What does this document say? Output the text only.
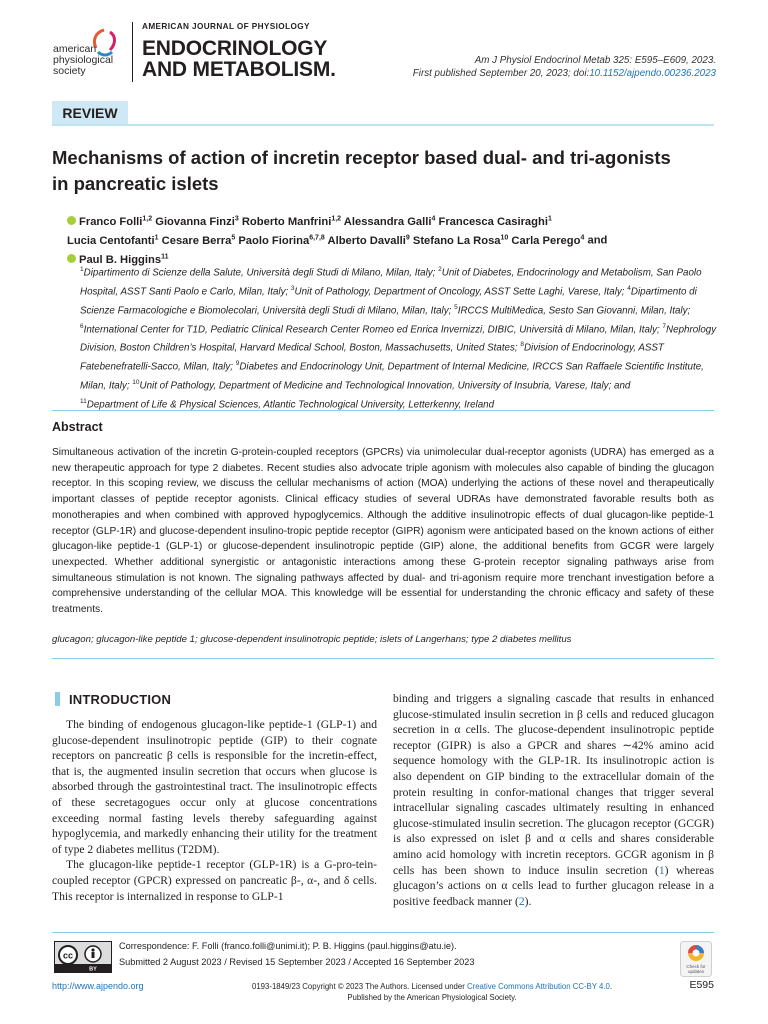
american
physiological
society
AMERICAN JOURNAL OF PHYSIOLOGY
ENDOCRINOLOGY
AND METABOLISM.	Am J Physiol Endocrinol Metab 325: E595–E609, 2023.
First published September 20, 2023; doi:10.1152/ajpendo.00236.2023
REVIEW
Mechanisms of action of incretin receptor based dual- and tri-agonists in pancreatic islets
Franco Folli$^{1,2}$ Giovanna Finzi$^3$ Roberto Manfrini$^{1,2}$ Alessandra Galli$^4$ Francesca Casiraghi$^1$
Lucia Centofanti$^1$ Cesare Berra$^5$ Paolo Fiorina$^{6,7,8}$ Alberto Davalli$^9$ Stefano La Rosa$^{10}$ Carla Perego$^4$ and
Paul B. Higgins$^{11}$
$^1$Dipartimento di Scienze della Salute, Università degli Studi di Milano, Milan, Italy; $^2$Unit of Diabetes, Endocrinology and Metabolism, San Paolo Hospital, ASST Santi Paolo e Carlo, Milan, Italy; $^3$Unit of Pathology, Department of Oncology, ASST Sette Laghi, Varese, Italy; $^4$Dipartimento di Scienze Farmacologiche e Biomolecolari, Università degli Studi di Milano, Milan, Italy; $^5$IRCCS MultiMedica, Sesto San Giovanni, Milan, Italy; $^6$International Center for T1D, Pediatric Clinical Research Center Romeo ed Enrica Invernizzi, DIBIC, Università di Milano, Milan, Italy; $^7$Nephrology Division, Boston Children’s Hospital, Harvard Medical School, Boston, Massachusetts, United States; $^8$Division of Endocrinology, ASST Fatebenefratelli-Sacco, Milan, Italy; $^9$Diabetes and Endocrinology Unit, Department of Internal Medicine, IRCCS San Raffaele Scientific Institute, Milan, Italy; $^{10}$Unit of Pathology, Department of Medicine and Technological Innovation, University of Insubria, Varese, Italy; and
$^{11}$Department of Life & Physical Sciences, Atlantic Technological University, Letterkenny, Ireland
Abstract
Simultaneous activation of the incretin G-protein-coupled receptors (GPCRs) via unimolecular dual-receptor agonists (UDRA) has emerged as a new therapeutic approach for type 2 diabetes. Recent studies also advocate triple agonism with molecules also capable of binding the glucagon receptor. In this scoping review, we discuss the cellular mechanisms of action (MOA) underlying the actions of these novel and therapeutically important classes of peptide receptor agonists. Clinical efficacy studies of several UDRAs have demonstrated favorable results both as monotherapies and when combined with approved hypoglycemics. Although the additive insulinotropic effects of dual glucagon-like peptide-1 receptor (GLP-1R) and glucose-dependent insulino-tropic peptide receptor (GIPR) agonism were anticipated based on the known actions of either glucagon-like peptide-1 (GLP-1) or glucose-dependent insulinotropic peptide (GIP) alone, the additional benefits from GCGR were largely unexpected. Whether additional synergistic or antagonistic interactions among these G-protein receptor signaling pathways arise from simultaneous stimulation is not known. The signaling pathways affected by dual- and tri-agonism require more trenchant investigation before a comprehensive understanding of the cellular MOA. This knowledge will be essential for understanding the chronic efficacy and safety of these treatments.
glucagon; glucagon-like peptide 1; glucose-dependent insulinotropic peptide; islets of Langerhans; type 2 diabetes mellitus
INTRODUCTION

The binding of endogenous glucagon-like peptide-1 (GLP-1) and glucose-dependent insulinotropic peptide (GIP) to their cognate receptors on pancreatic β cells is responsible for the incretin-effect, that is, the augmented insulin secretion that occurs when glucose is absorbed through the gastrointestinal tract. The insulinotropic effects of these secretagogues occur only at glucose concentrations exceeding normal fasting levels thereby safeguarding against hypoglycemia, and markedly enhancing their utility for the treatment of type 2 diabetes mellitus (T2DM).

The glucagon-like peptide-1 receptor (GLP-1R) is a G-pro-tein-coupled receptor (GPCR) expressed on pancreatic β-, α-, and δ cells. This receptor is internalized in response to GLP-1

binding and triggers a signaling cascade that results in enhanced glucose-stimulated insulin secretion in β cells and reduced glucagon secretion in α cells. The glucose-dependent insulinotropic peptide receptor (GIPR) is also a GPCR and shares ∼42% amino acid sequence homology with the GLP-1R. Its insulinotropic action is also dependent on GIP binding to the extracellular domain of the protein resulting in confor-mational changes that trigger several intracellular signaling cascades ultimately resulting in enhanced glucose-stimulated insulin secretion. The glucagon receptor (GCGR) is also expressed on islet β and α cells and shares considerable amino acid homology with incretin receptors. GCGR agonism in β cells has been shown to induce insulin secretion (1) whereas glucagon’s actions on α cells lead to further glucagon release in a positive feedback manner (2).

cc
BY
Correspondence: F. Folli (franco.folli@unimi.it); P. B. Higgins (paul.higgins@atu.ie).
Submitted 2 August 2023 / Revised 15 September 2023 / Accepted 16 September 2023	Check for
updates
http://www.ajpendo.org	0193-1849/23 Copyright © 2023 The Authors. Licensed under Creative Commons Attribution CC-BY 4.0.
Published by the American Physiological Society.
E595
